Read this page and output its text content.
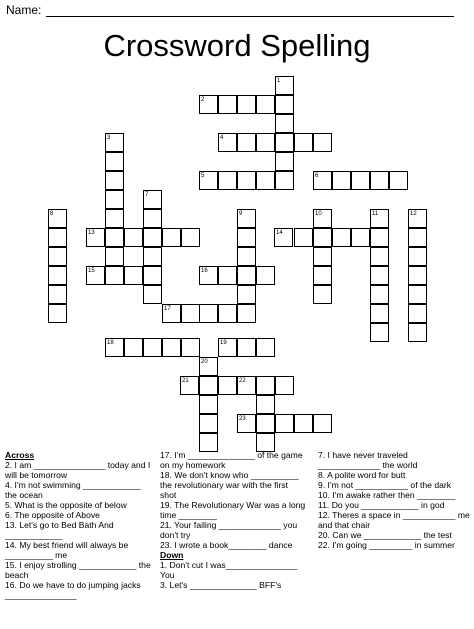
Name:
Crossword Spelling
1
2
3	4
5	6
7
8	9	10	11	12
13	14
15	16
17
18	19
20
21	22
23
Across
2. I am _______________ today and I will be tomorrow
4. I'm not swimming ____________ the ocean
5. What is the opposite of below
6. The opposite of Above
13. Let's go to Bed Bath And ____________
14. My best friend will always be __________ me
15. I enjoy strolling ____________ the beach
16. Do we have to do jumping jacks _______________
17. I'm ______________ of the game on my homework
18. We don't know who __________ the revolutionary war with the first shot
19. The Revolutionary War was a long time ________
21. Your failing _____________ you don't try
23. I wrote a book________ dance
Down
1. Don't cut I was_______________ You
3. Let's ______________ BFF's
7. I have never traveled _____________ the world
8. A polite word for butt
9. I'm not ___________ of the dark
10. I'm awake rather then ________
11. Do you ____________ in god
12. Theres a space in ___________ me and that chair
20. Can we ____________ the test
22. I'm going _________ in summer
